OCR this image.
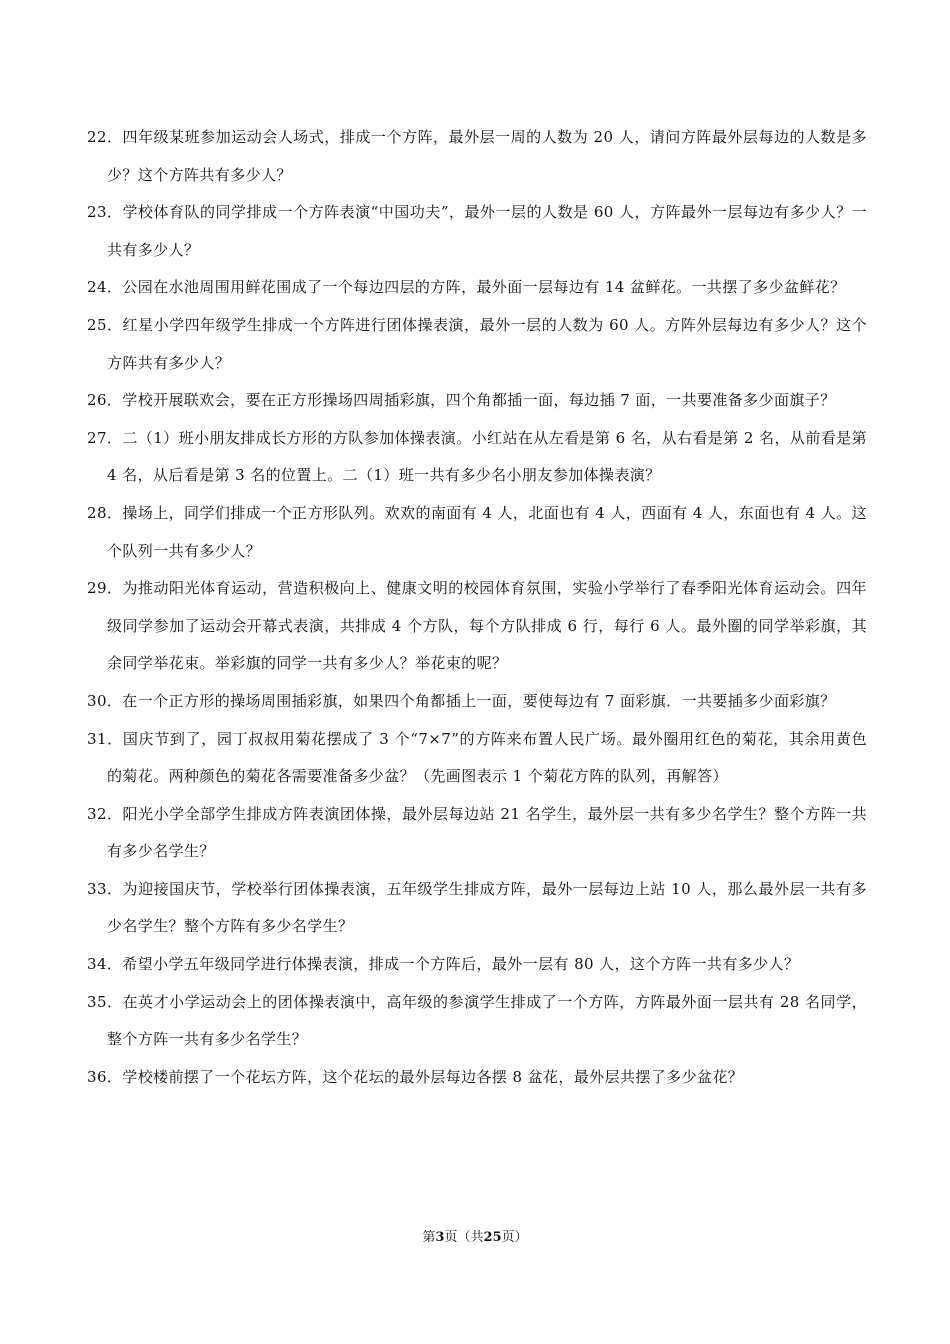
22．四年级某班参加运动会人场式，排成一个方阵，最外层一周的人数为 20 人，请问方阵最外层每边的人数是多少？这个方阵共有多少人？

23．学校体育队的同学排成一个方阵表演“中国功夫”，最外一层的人数是 60 人，方阵最外一层每边有多少人？一共有多少人？

24．公园在水池周围用鲜花围成了一个每边四层的方阵，最外面一层每边有 14 盆鲜花。一共摆了多少盆鲜花？

25．红星小学四年级学生排成一个方阵进行团体操表演，最外一层的人数为 60 人。方阵外层每边有多少人？这个方阵共有多少人？

26．学校开展联欢会，要在正方形操场四周插彩旗，四个角都插一面，每边插 7 面，一共要准备多少面旗子？

27．二（1）班小朋友排成长方形的方队参加体操表演。小红站在从左看是第 6 名，从右看是第 2 名，从前看是第 4 名，从后看是第 3 名的位置上。二（1）班一共有多少名小朋友参加体操表演？

28．操场上，同学们排成一个正方形队列。欢欢的南面有 4 人，北面也有 4 人，西面有 4 人，东面也有 4 人。这个队列一共有多少人？

29．为推动阳光体育运动，营造积极向上、健康文明的校园体育氛围，实验小学举行了春季阳光体育运动会。四年级同学参加了运动会开幕式表演，共排成 4 个方队，每个方队排成 6 行，每行 6 人。最外圈的同学举彩旗，其余同学举花束。举彩旗的同学一共有多少人？举花束的呢？

30．在一个正方形的操场周围插彩旗，如果四个角都插上一面，要使每边有 7 面彩旗．一共要插多少面彩旗？

31．国庆节到了，园丁叔叔用菊花摆成了 3 个“7×7”的方阵来布置人民广场。最外圈用红色的菊花，其余用黄色的菊花。两种颜色的菊花各需要准备多少盆？（先画图表示 1 个菊花方阵的队列，再解答）

32．阳光小学全部学生排成方阵表演团体操，最外层每边站 21 名学生，最外层一共有多少名学生？整个方阵一共有多少名学生？

33．为迎接国庆节，学校举行团体操表演，五年级学生排成方阵，最外一层每边上站 10 人，那么最外层一共有多少名学生？整个方阵有多少名学生？

34．希望小学五年级同学进行体操表演，排成一个方阵后，最外一层有 80 人，这个方阵一共有多少人？

35．在英才小学运动会上的团体操表演中，高年级的参演学生排成了一个方阵，方阵最外面一层共有 28 名同学，整个方阵一共有多少名学生？

36．学校楼前摆了一个花坛方阵，这个花坛的最外层每边各摆 8 盆花，最外层共摆了多少盆花？

第3页（共25页）
